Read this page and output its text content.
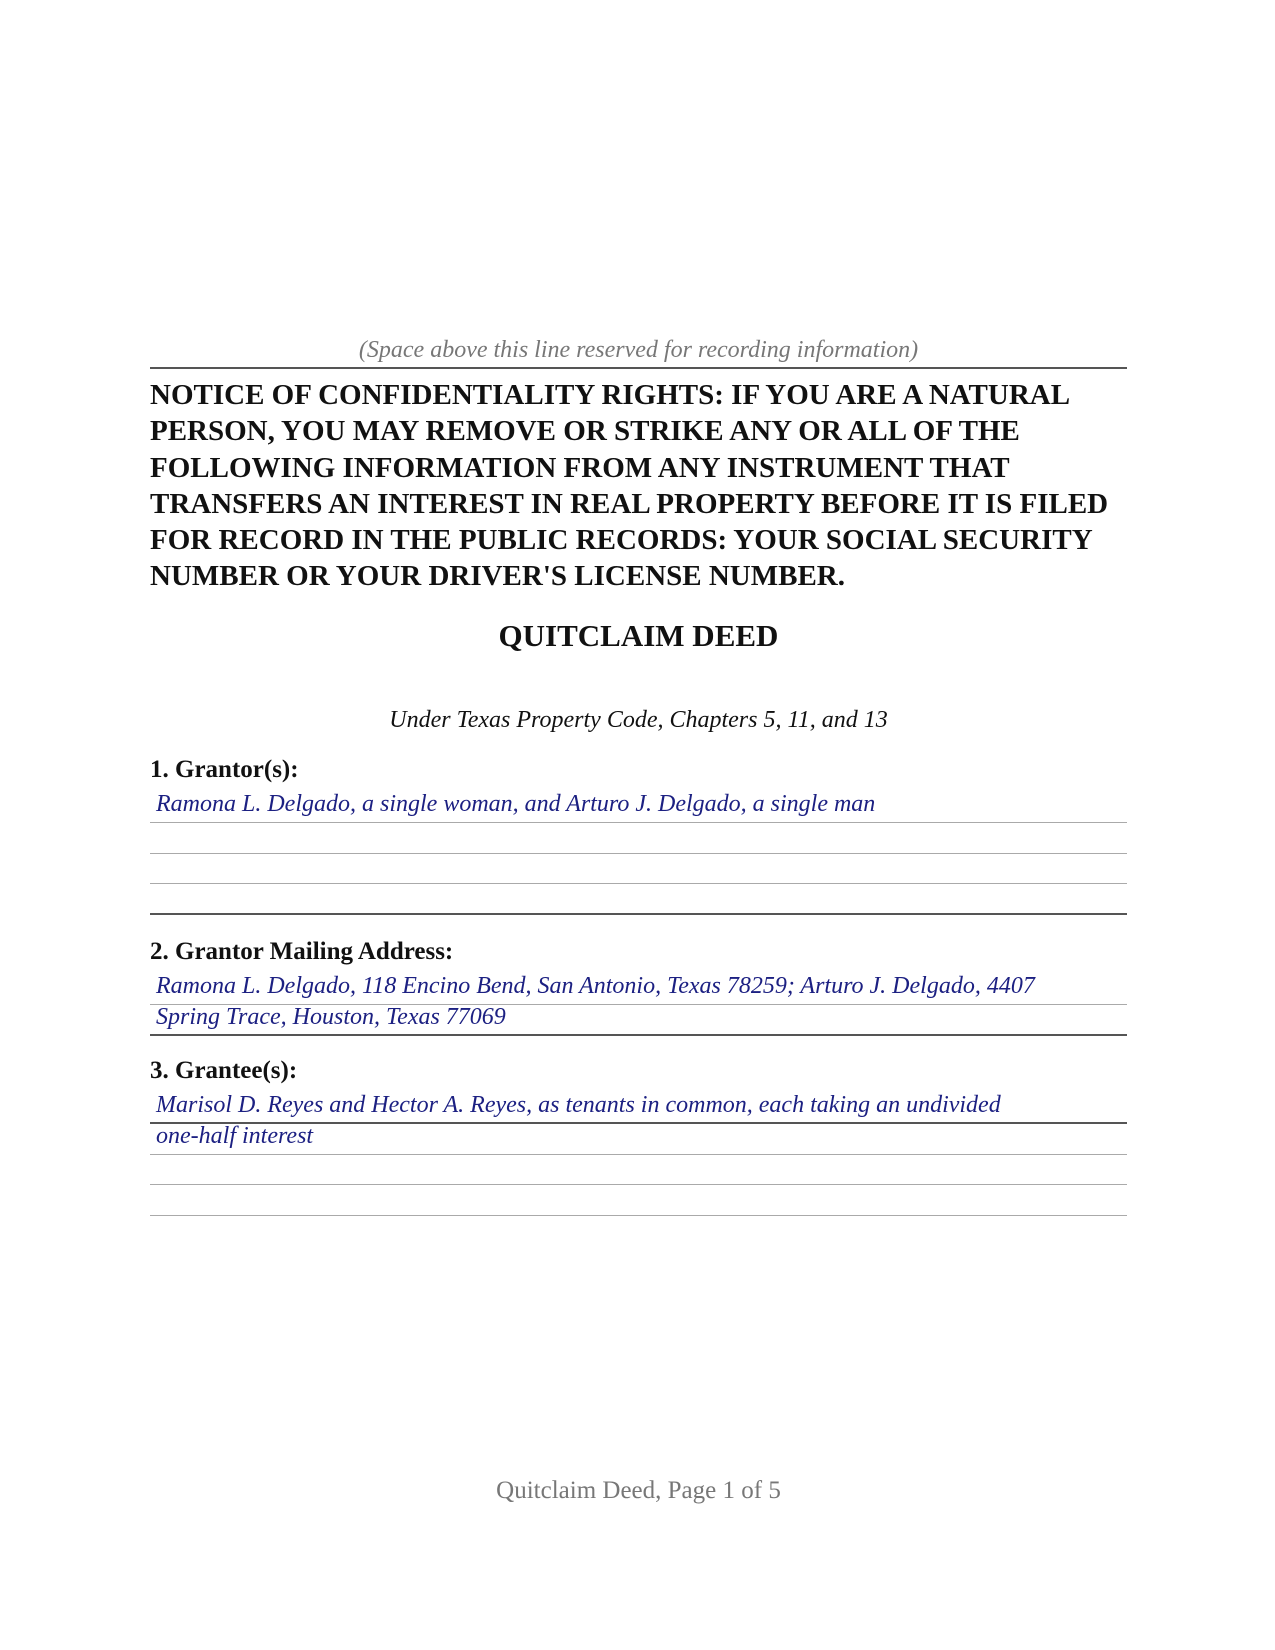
(Space above this line reserved for recording information)

NOTICE OF CONFIDENTIALITY RIGHTS: IF YOU ARE A NATURAL PERSON, YOU MAY REMOVE OR STRIKE ANY OR ALL OF THE FOLLOWING INFORMATION FROM ANY INSTRUMENT THAT TRANSFERS AN INTEREST IN REAL PROPERTY BEFORE IT IS FILED FOR RECORD IN THE PUBLIC RECORDS: YOUR SOCIAL SECURITY NUMBER OR YOUR DRIVER'S LICENSE NUMBER.

QUITCLAIM DEED
Under Texas Property Code, Chapters 5, 11, and 13
1. Grantor(s):
Ramona L. Delgado, a single woman, and Arturo J. Delgado, a single man
2. Grantor Mailing Address:
Ramona L. Delgado, 118 Encino Bend, San Antonio, Texas 78259; Arturo J. Delgado, 4407
Spring Trace, Houston, Texas 77069
3. Grantee(s):
Marisol D. Reyes and Hector A. Reyes, as tenants in common, each taking an undivided
one-half interest
Quitclaim Deed, Page 1 of 5
